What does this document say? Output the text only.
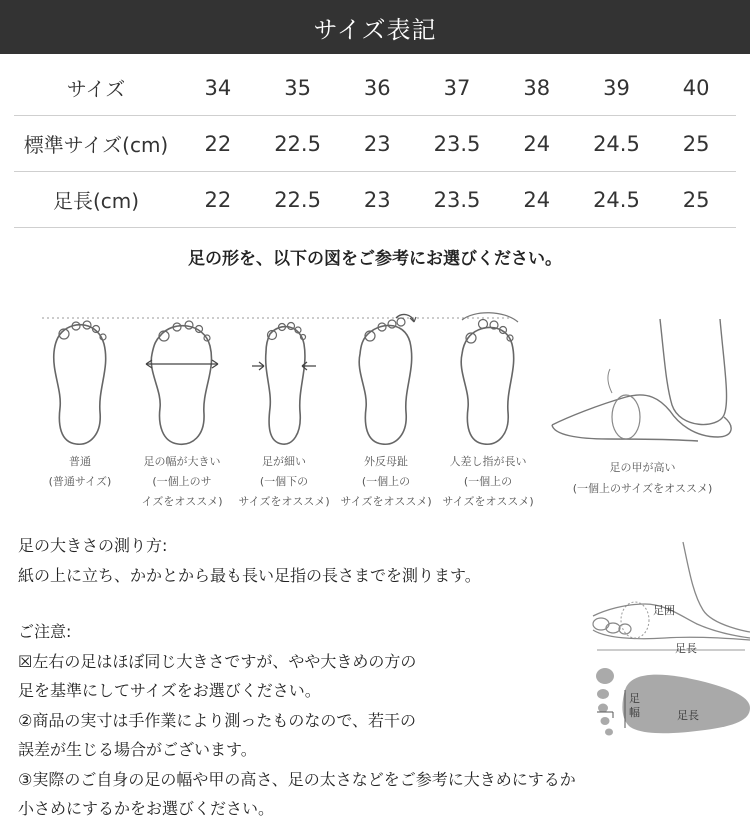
サイズ表記
サイズ	34	35	36	37	38	39	40
標準サイズ(cm)	22	22.5	23	23.5	24	24.5	25
足長(cm)	22	22.5	23	23.5	24	24.5	25
足の形を、以下の図をご参考にお選びください。
普通
(普通サイズ)
足の幅が大きい
(一個上のサ
イズをオススメ)
足が細い
(一個下の
サイズをオススメ)
外反母趾
(一個上の
サイズをオススメ)
人差し指が長い
(一個上の
サイズをオススメ)
足の甲が高い
(一個上のサイズをオススメ)
足の大きさの測り方:
紙の上に立ち、かかとから最も長い足指の長さまでを測ります。
ご注意:
☒左右の足はほぼ同じ大きさですが、やや大きめの方の
足を基準にしてサイズをお選びください。
②商品の実寸は手作業により測ったものなので、若干の
誤差が生じる場合がございます。
③実際のご自身の足の幅や甲の高さ、足の太さなどをご参考に大きめにするか
小さめにするかをお選びください。
足囲
足長
足幅	足長
